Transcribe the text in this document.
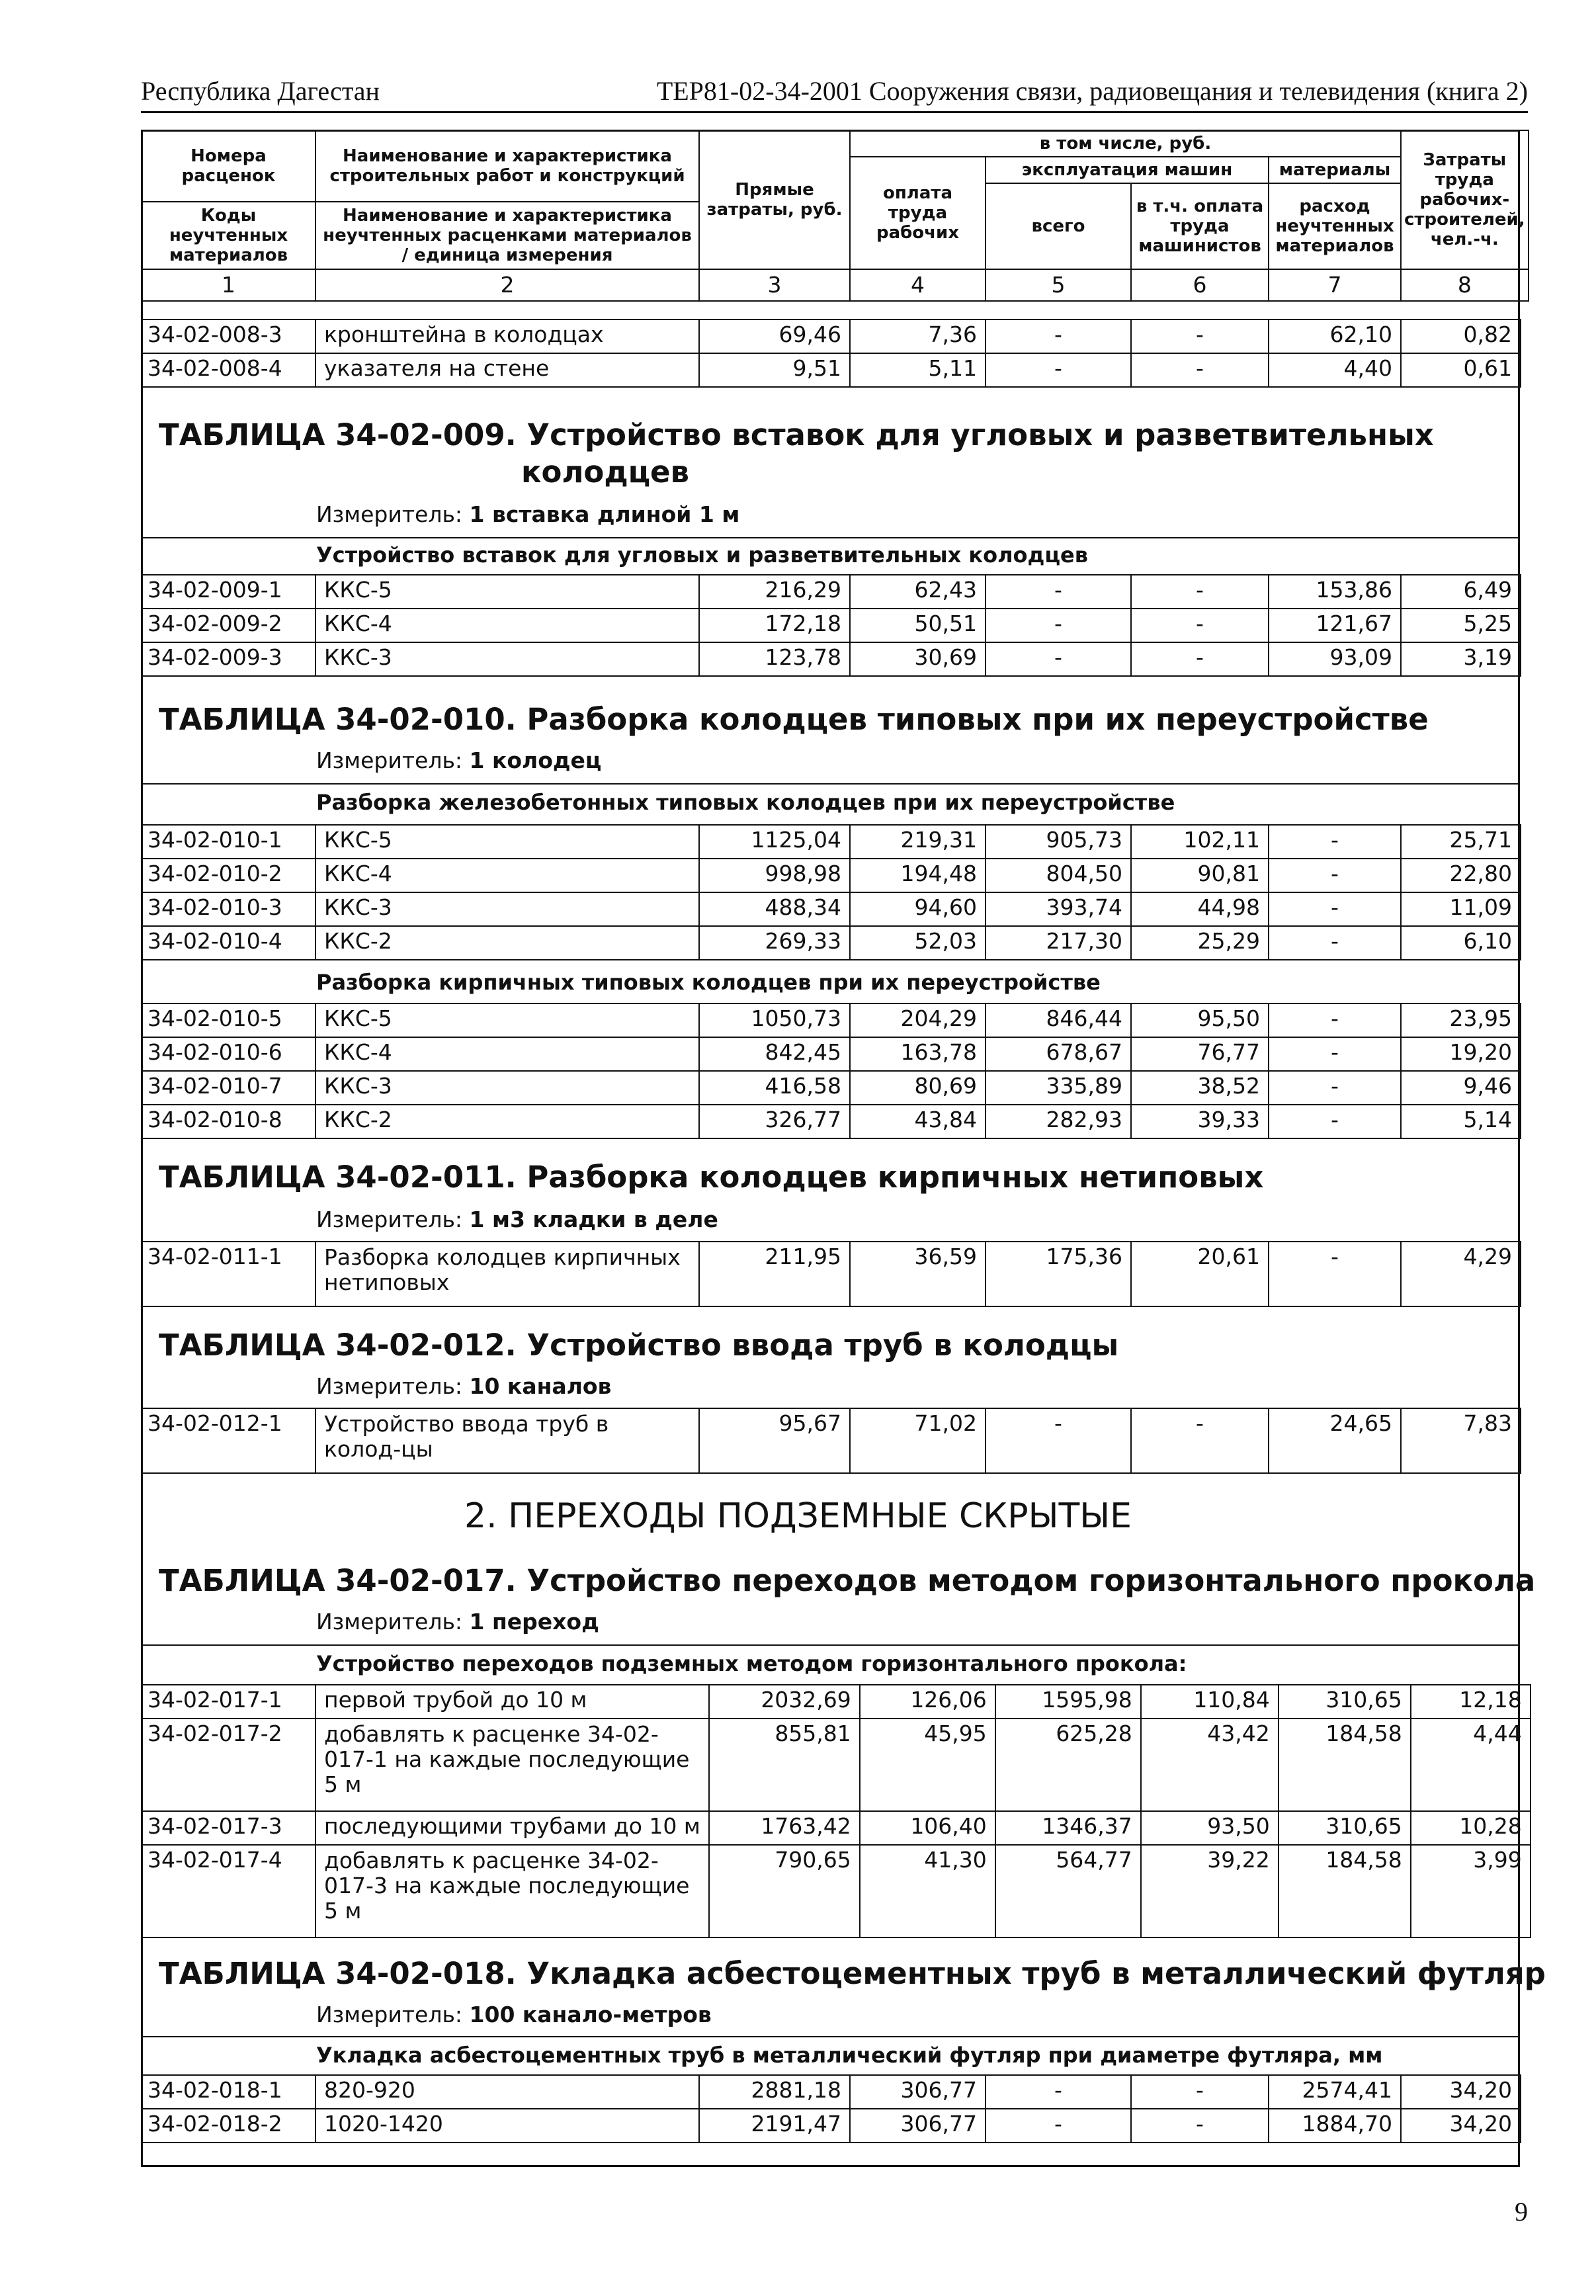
Республика Дагестан	ТЕР81-02-34-2001 Сооружения связи, радиовещания и телевидения (книга 2)
Номера расценок	Наименование и характеристика строительных работ и конструкций	Прямые затраты, руб.	в том числе, руб.				Затраты труда рабочих-строителей, чел.-ч.
			оплата труда рабочих	эксплуатация машин		материалы	
				всего	в т.ч. оплата труда машинистов	расход неучтенных материалов	
Коды неучтенных материалов	Наименование и характеристика неучтенных расценками материалов / единица измерения						

1	2	3	4	5	6	7	8
34-02-008-3	кронштейна в колодцах	69,46	7,36	-	-	62,10	0,82
34-02-008-4	указателя на стене	9,51	5,11	-	-	4,40	0,61
ТАБЛИЦА 34-02-009. Устройство вставок для угловых и разветвительных
колодцев
Измеритель: 1 вставка длиной 1 м
Устройство вставок для угловых и разветвительных колодцев
34-02-009-1	ККС-5	216,29	62,43	-	-	153,86	6,49
34-02-009-2	ККС-4	172,18	50,51	-	-	121,67	5,25
34-02-009-3	ККС-3	123,78	30,69	-	-	93,09	3,19
ТАБЛИЦА 34-02-010. Разборка колодцев типовых при их переустройстве
Измеритель: 1 колодец
Разборка железобетонных типовых колодцев при их переустройстве
34-02-010-1	ККС-5	1125,04	219,31	905,73	102,11	-	25,71
34-02-010-2	ККС-4	998,98	194,48	804,50	90,81	-	22,80
34-02-010-3	ККС-3	488,34	94,60	393,74	44,98	-	11,09
34-02-010-4	ККС-2	269,33	52,03	217,30	25,29	-	6,10
Разборка кирпичных типовых колодцев при их переустройстве
34-02-010-5	ККС-5	1050,73	204,29	846,44	95,50	-	23,95
34-02-010-6	ККС-4	842,45	163,78	678,67	76,77	-	19,20
34-02-010-7	ККС-3	416,58	80,69	335,89	38,52	-	9,46
34-02-010-8	ККС-2	326,77	43,84	282,93	39,33	-	5,14
ТАБЛИЦА 34-02-011. Разборка колодцев кирпичных нетиповых
Измеритель: 1 м3 кладки в деле
34-02-011-1	Разборка колодцев кирпичных нетиповых	211,95	36,59	175,36	20,61	-	4,29
ТАБЛИЦА 34-02-012. Устройство ввода труб в колодцы
Измеритель: 10 каналов
34-02-012-1	Устройство ввода труб в колод-цы	95,67	71,02	-	-	24,65	7,83
2. ПЕРЕХОДЫ ПОДЗЕМНЫЕ СКРЫТЫЕ
ТАБЛИЦА 34-02-017. Устройство переходов методом горизонтального прокола
Измеритель: 1 переход
Устройство переходов подземных методом горизонтального прокола:
34-02-017-1	первой трубой до 10 м	2032,69	126,06	1595,98	110,84	310,65	12,18
34-02-017-2	добавлять к расценке 34-02-017-1 на каждые последующие 5 м	855,81	45,95	625,28	43,42	184,58	4,44
34-02-017-3	последующими трубами до 10 м	1763,42	106,40	1346,37	93,50	310,65	10,28
34-02-017-4	добавлять к расценке 34-02-017-3 на каждые последующие 5 м	790,65	41,30	564,77	39,22	184,58	3,99
ТАБЛИЦА 34-02-018. Укладка асбестоцементных труб в металлический футляр
Измеритель: 100 канало-метров
Укладка асбестоцементных труб в металлический футляр при диаметре футляра, мм
34-02-018-1	820-920	2881,18	306,77	-	-	2574,41	34,20
34-02-018-2	1020-1420	2191,47	306,77	-	-	1884,70	34,20
9
